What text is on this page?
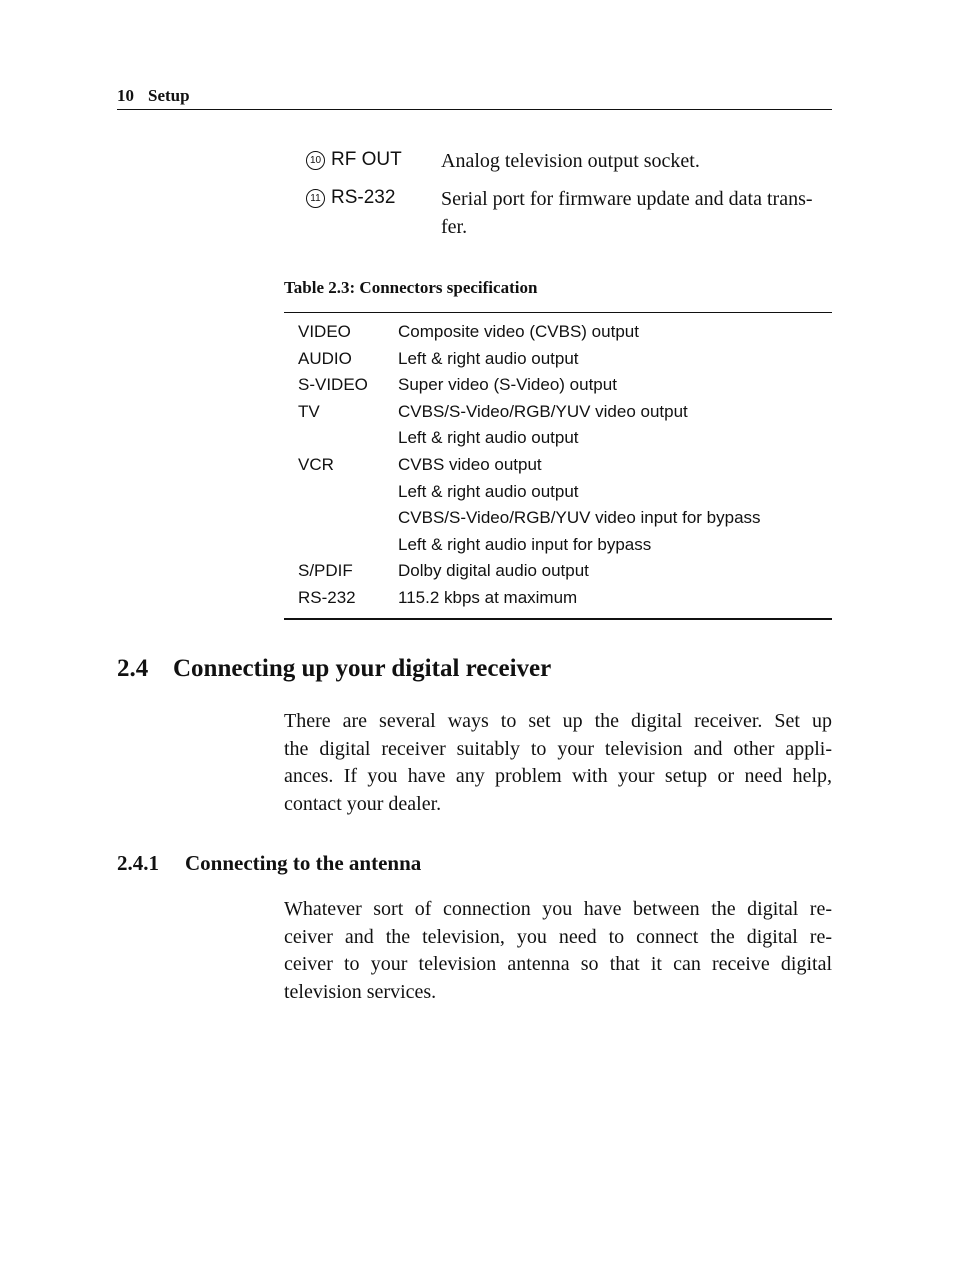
10 Setup
10 RF OUT	Analog television output socket.
11 RS-232	Serial port for firmware update and data trans-
fer.
Table 2.3: Connectors specification
VIDEO	Composite video (CVBS) output
AUDIO	Left & right audio output
S-VIDEO	Super video (S-Video) output
TV	CVBS/S-Video/RGB/YUV video output
Left & right audio output
VCR	CVBS video output
Left & right audio output
CVBS/S-Video/RGB/YUV video input for bypass
Left & right audio input for bypass
S/PDIF	Dolby digital audio output
RS-232	115.2 kbps at maximum
2.4 Connecting up your digital receiver
There are several ways to set up the digital receiver. Set up
the digital receiver suitably to your television and other appli-
ances. If you have any problem with your setup or need help,
contact your dealer.
2.4.1 Connecting to the antenna
Whatever sort of connection you have between the digital re-
ceiver and the television, you need to connect the digital re-
ceiver to your television antenna so that it can receive digital
television services.
